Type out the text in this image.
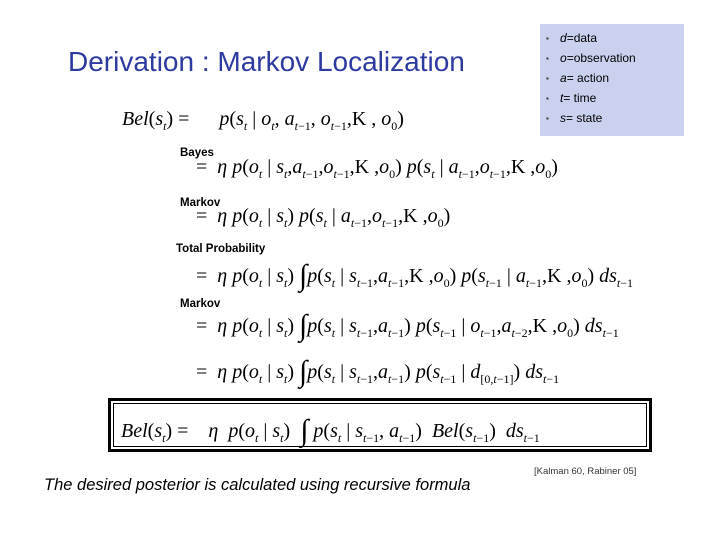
Derivation : Markov Localization
▪ d =data
▪ o =observation
▪ a = action
▪ t = time
▪ s = state
$Bel(s_t)$ =      $p(s_t$ | $o_t$, $a_{t-1}$, $o_{t-1},K$ , $o_0$)
Bayes
=  η $p(o_t$ | $s_t,a_{t-1},o_{t-1},K$ $,o_0$) $p(s_t$ | $a_{t-1},o_{t-1},K$ $,o_0$)
Markov
=  η $p(o_t$ | $s_t$) $p(s_t$ | $a_{t-1},o_{t-1},K$ $,o_0$)
Total Probability
=  η $p(o_t$ | $s_t$) $\int p(s_t$ | $s_{t-1},a_{t-1},K$ $,o_0$) $p(s_{t-1}$ | $a_{t-1},K$ $,o_0$) $ds_{t-1}$
Markov
=  η $p(o_t$ | $s_t$) $\int p(s_t$ | $s_{t-1},a_{t-1}$) $p(s_{t-1}$ | $o_{t-1},a_{t-2},K$ $,o_0$) $ds_{t-1}$
=  η $p(o_t$ | $s_t$) $\int p(s_t$ | $s_{t-1},a_{t-1}$) $p(s_{t-1}$ | $d_{[0,t-1]}$) $ds_{t-1}$
$Bel(s_t)$ =    η $p(o_t$ | $s_t$)  ∫ $p(s_t$ | $s_{t-1}$, $a_{t-1}$)  $Bel(s_{t-1})$  $ds_{t-1}$
[Kalman 60, Rabiner 05]
The desired posterior is calculated using recursive formula
